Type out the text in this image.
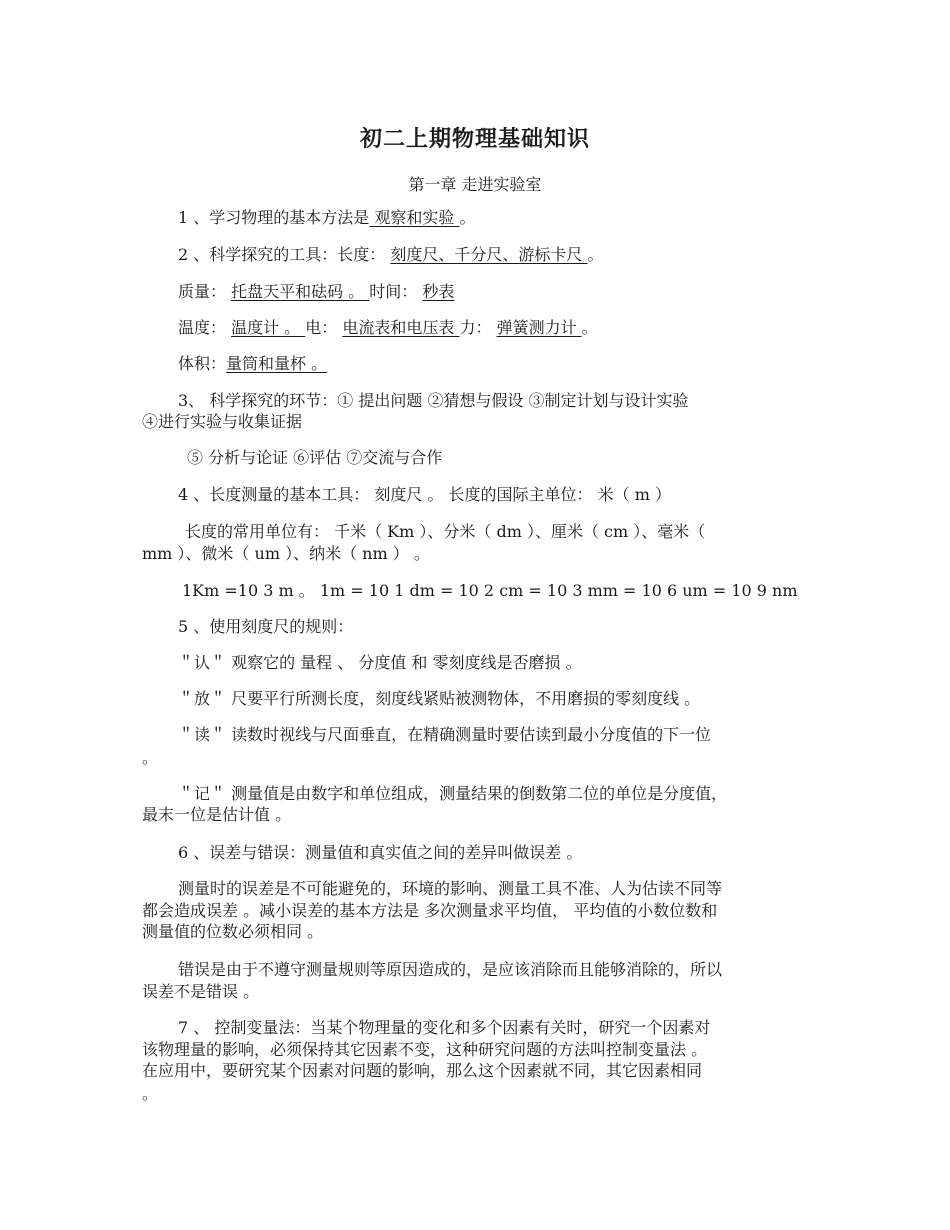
初二上期物理基础知识
第一章 走进实验室
1 、学习物理的基本方法是 观察和实验 。
2 、科学探究的工具：长度： 刻度尺、千分尺、游标卡尺 。
质量： 托盘天平和砝码 。 时间： 秒表
温度： 温度计 。 电： 电流表和电压表 力： 弹簧测力计 。
体积：量筒和量杯 。
3、 科学探究的环节：① 提出问题 ②猜想与假设 ③制定计划与设计实验
④进行实验与收集证据
⑤ 分析与论证 ⑥评估 ⑦交流与合作
4 、长度测量的基本工具： 刻度尺 。 长度的国际主单位： 米（ m ）
长度的常用单位有： 千米（ Km ）、分米（ dm ）、厘米（ cm ）、毫米（
mm ）、微米（ um ）、纳米（ nm ） 。
1Km =10 3 m 。 1m = 10 1 dm = 10 2 cm = 10 3 mm = 10 6 um = 10 9 nm
5 、使用刻度尺的规则：
＂认＂ 观察它的 量程 、 分度值 和 零刻度线是否磨损 。
＂放＂ 尺要平行所测长度，刻度线紧贴被测物体，不用磨损的零刻度线 。
＂读＂ 读数时视线与尺面垂直，在精确测量时要估读到最小分度值的下一位
。
＂记＂ 测量值是由数字和单位组成，测量结果的倒数第二位的单位是分度值，
最末一位是估计值 。
6 、误差与错误：测量值和真实值之间的差异叫做误差 。
测量时的误差是不可能避免的，环境的影响、测量工具不准、人为估读不同等
都会造成误差 。减小误差的基本方法是 多次测量求平均值， 平均值的小数位数和
测量值的位数必须相同 。
错误是由于不遵守测量规则等原因造成的，是应该消除而且能够消除的，所以
误差不是错误 。
7 、 控制变量法：当某个物理量的变化和多个因素有关时，研究一个因素对
该物理量的影响，必须保持其它因素不变，这种研究问题的方法叫控制变量法 。
在应用中，要研究某个因素对问题的影响，那么这个因素就不同，其它因素相同
。
